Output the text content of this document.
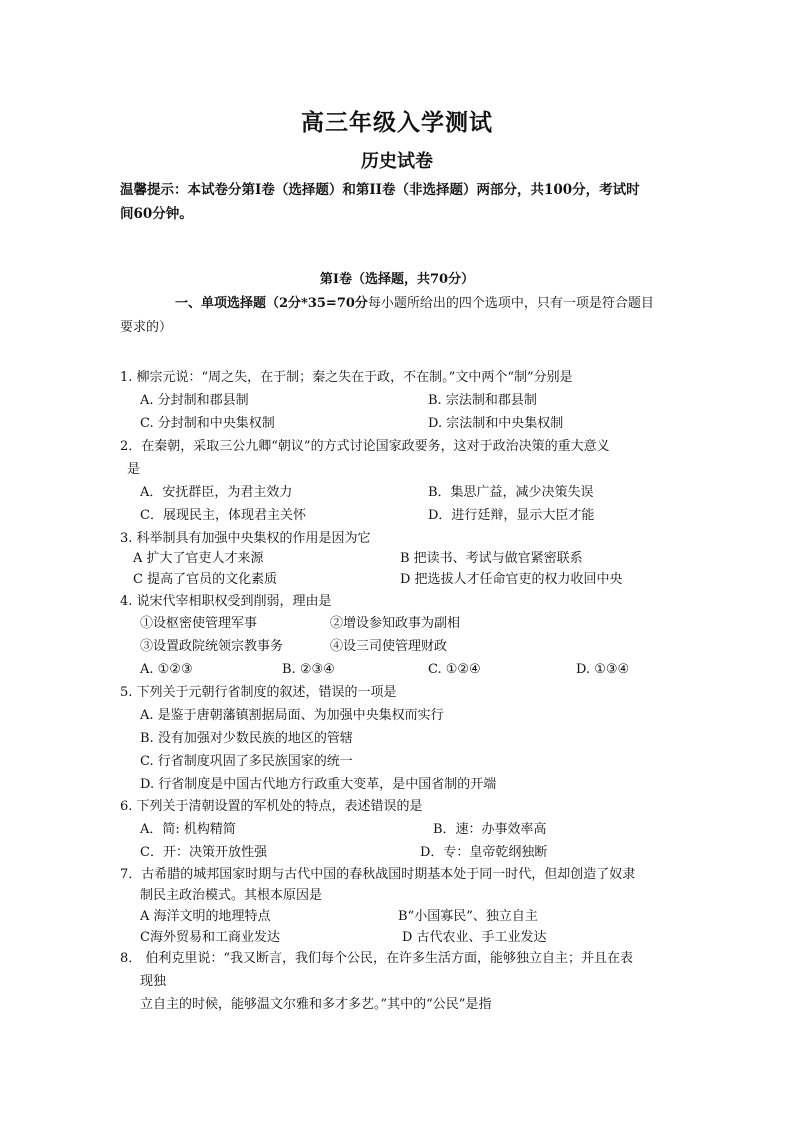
高三年级入学测试
历史试卷
温馨提示：本试卷分第I卷（选择题）和第II卷（非选择题）两部分，共100分，考试时
间60分钟。
第I卷（选择题，共70分）
一、单项选择题（2分*35=70分每小题所给出的四个选项中，只有一项是符合题目
要求的）
1. 柳宗元说：“周之失，在于制；秦之失在于政，不在制。”文中两个“制”分别是
A. 分封制和郡县制	B. 宗法制和郡县制
C. 分封制和中央集权制	D. 宗法制和中央集权制
2．在秦朝，采取三公九卿“朝议”的方式讨论国家政要务，这对于政治决策的重大意义
是
A．安抚群臣，为君主效力	B．集思广益，减少决策失误
C．展现民主，体现君主关怀	D．进行廷辩，显示大臣才能
3. 科举制具有加强中央集权的作用是因为它
A 扩大了官吏人才来源	B 把读书、考试与做官紧密联系
C 提高了官员的文化素质	D 把选拔人才任命官吏的权力收回中央
4. 说宋代宰相职权受到削弱，理由是
①设枢密使管理军事	②增设参知政事为副相
③设置政院统领宗教事务	④设三司使管理财政
A. ①②③	B. ②③④	C. ①②④	D. ①③④
5. 下列关于元朝行省制度的叙述，错误的一项是
A. 是鉴于唐朝藩镇割据局面、为加强中央集权而实行
B. 没有加强对少数民族的地区的管辖
C. 行省制度巩固了多民族国家的统一
D. 行省制度是中国古代地方行政重大变革，是中国省制的开端
6. 下列关于清朝设置的军机处的特点，表述错误的是
A．简: 机构精简	B．速：办事效率高
C．开：决策开放性强	D．专：皇帝乾纲独断
7．古希腊的城邦国家时期与古代中国的春秋战国时期基本处于同一时代，但却创造了奴隶
制民主政治模式。其根本原因是
A 海洋文明的地理特点	B“小国寡民”、独立自主
C海外贸易和工商业发达	D 古代农业、手工业发达
8． 伯利克里说：“我又断言，我们每个公民，在许多生活方面，能够独立自主；并且在表
现独
立自主的时候，能够温文尔雅和多才多艺。”其中的“公民”是指
